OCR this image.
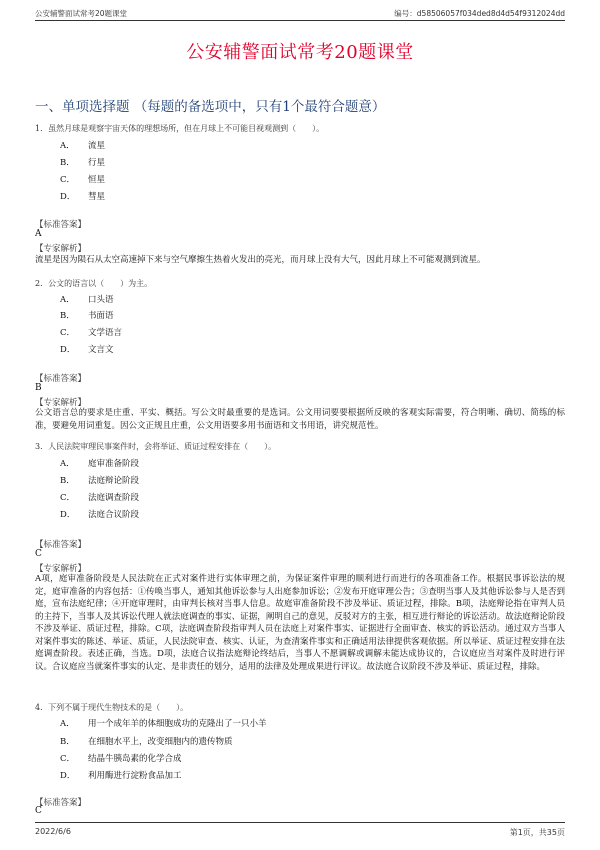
公安辅警面试常考20题课堂	编号：d58506057f034ded8d4d54f9312024dd
公安辅警面试常考20题课堂
一、单项选择题 （每题的备选项中，只有1个最符合题意）
1．虽然月球是观察宇宙天体的理想场所，但在月球上不可能目视观测到（　　）。
A． 流星
B． 行星
C． 恒星
D． 彗星
【标准答案】
A
【专家解析】

流星是因为陨石从太空高速掉下来与空气摩擦生热着火发出的亮光，而月球上没有大气，因此月球上不可能观测到流星。

2．公文的语言以（　　）为主。
A． 口头语
B． 书面语
C． 文学语言
D． 文言文
【标准答案】
B
【专家解析】

公文语言总的要求是庄重、平实、概括。写公文时最重要的是选词。公文用词要要根据所反映的客观实际需要，符合明晰、确切、简练的标准，要避免用词重复。因公文正规且庄重，公文用语要多用书面语和文书用语，讲究规范性。

3．人民法院审理民事案件时，会将举证、质证过程安排在（　　）。
A． 庭审准备阶段
B． 法庭辩论阶段
C． 法庭调查阶段
D． 法庭合议阶段
【标准答案】
C
【专家解析】

A项，庭审准备阶段是人民法院在正式对案件进行实体审理之前，为保证案件审理的顺利进行而进行的各项准备工作。根据民事诉讼法的规定，庭审准备的内容包括：①传唤当事人，通知其他诉讼参与人出庭参加诉讼；②发布开庭审理公告；③查明当事人及其他诉讼参与人是否到庭，宣布法庭纪律；④开庭审理时，由审判长核对当事人信息。故庭审准备阶段不涉及举证、质证过程，排除。B项，法庭辩论指在审判人员的主持下，当事人及其诉讼代理人就法庭调查的事实、证据，阐明自己的意见，反驳对方的主张，相互进行辩论的诉讼活动。故法庭辩论阶段不涉及举证、质证过程，排除。C项，法庭调查阶段指审判人员在法庭上对案件事实、证据进行全面审查、核实的诉讼活动。通过双方当事人对案件事实的陈述、举证、质证，人民法院审查、核实、认证，为查清案件事实和正确适用法律提供客观依据。所以举证、质证过程安排在法庭调查阶段。表述正确，当选。D项，法庭合议指法庭辩论终结后，当事人不愿调解或调解未能达成协议的，合议庭应当对案件及时进行评议。合议庭应当就案件事实的认定、是非责任的划分，适用的法律及处理成果进行评议。故法庭合议阶段不涉及举证、质证过程，排除。

4．下列不属于现代生物技术的是（　　）。
A． 用一个成年羊的体细胞成功的克隆出了一只小羊
B． 在细胞水平上，改变细胞内的遗传物质
C． 结晶牛胰岛素的化学合成
D． 利用酶进行淀粉食品加工
【标准答案】
C
2022/6/6	第1页，共35页
